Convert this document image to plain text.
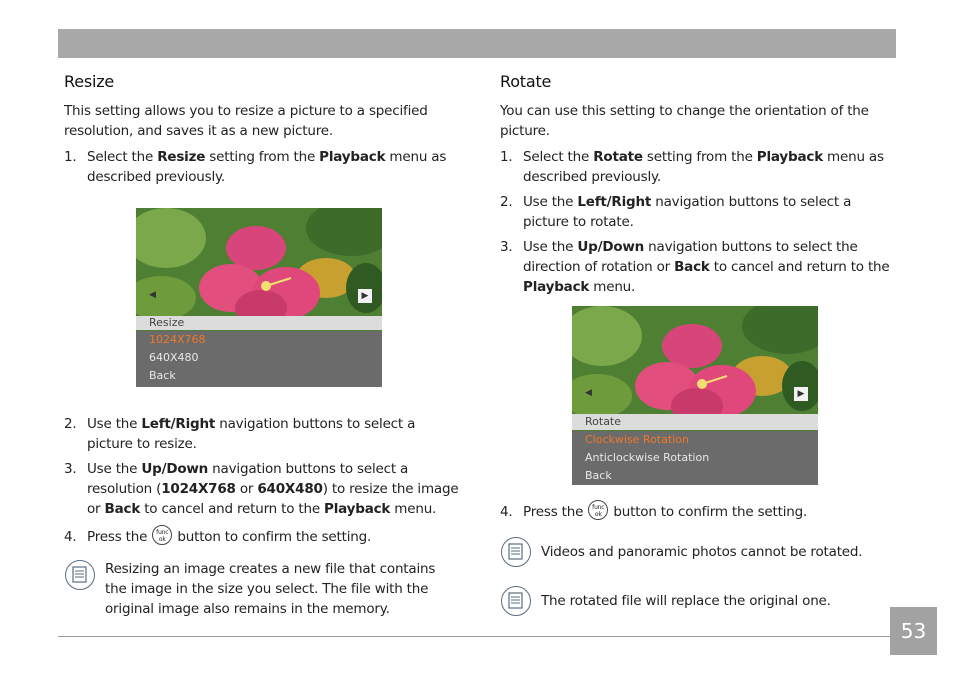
Resize

This setting allows you to resize a picture to a specified resolution, and saves it as a new picture.

1. Select the Resize setting from the Playback menu as described previously.
◀	▶
Resize
1024X768
640X480
Back
2. Use the Left/Right navigation buttons to select a picture to resize.
3. Use the Up/Down navigation buttons to select a resolution (1024X768 or 640X480) to resize the image or Back to cancel and return to the Playback menu.
4. Press the func
ok button to confirm the setting.
Resizing an image creates a new file that contains the image in the size you select. The file with the original image also remains in the memory.
Rotate

You can use this setting to change the orientation of the picture.

1. Select the Rotate setting from the Playback menu as described previously.
2. Use the Left/Right navigation buttons to select a picture to rotate.
3. Use the Up/Down navigation buttons to select the direction of rotation or Back to cancel and return to the Playback menu.
◀	▶
Rotate
Clockwise Rotation
Anticlockwise Rotation
Back
4. Press the func
ok button to confirm the setting.
Videos and panoramic photos cannot be rotated.
The rotated file will replace the original one.
53
